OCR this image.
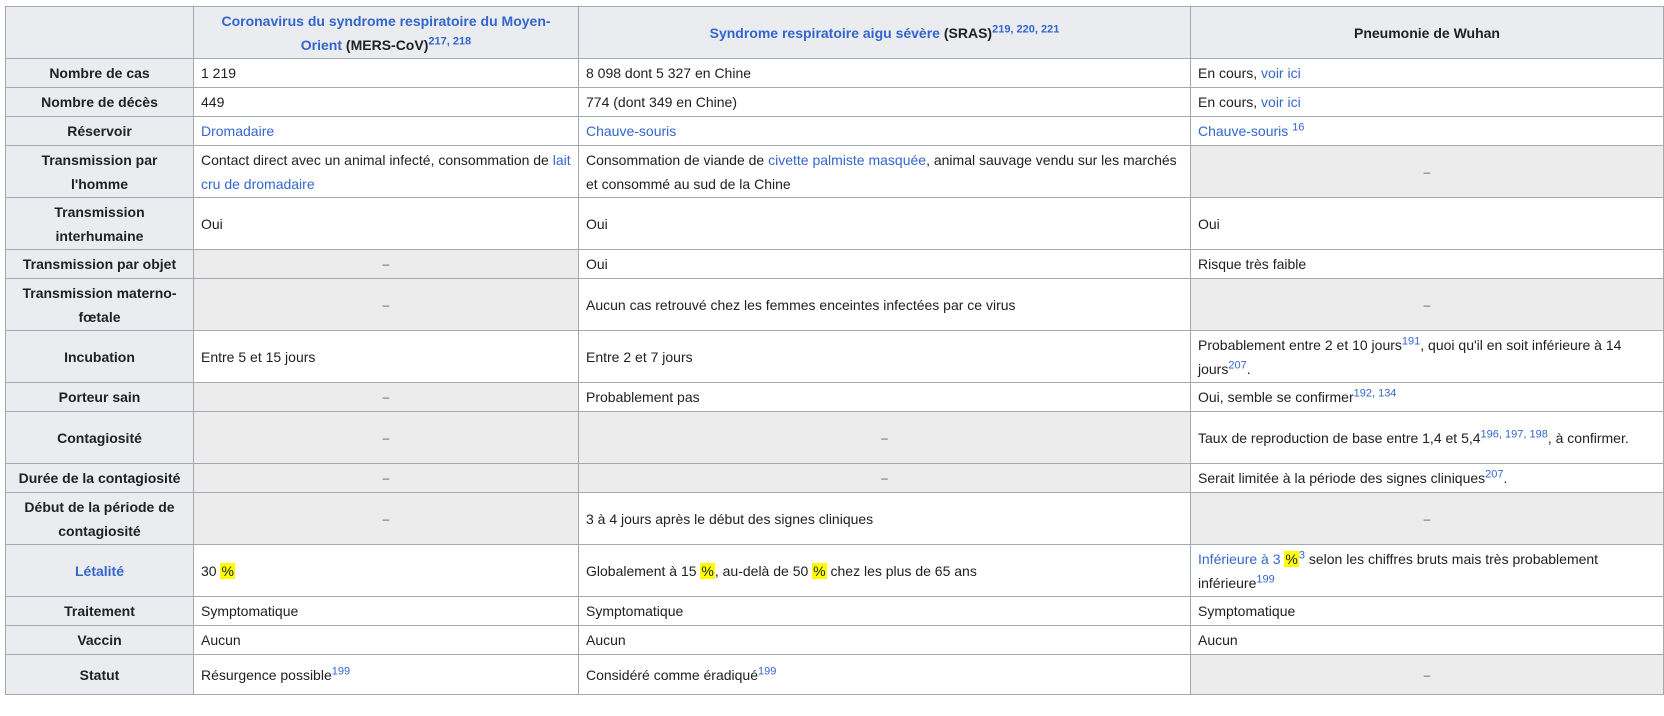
	Coronavirus du syndrome respiratoire du Moyen-Orient (MERS-CoV)$^{217, 218}$	Syndrome respiratoire aigu sévère (SRAS)$^{219, 220, 221}$	Pneumonie de Wuhan
Nombre de cas	1 219	8 098 dont 5 327 en Chine	En cours, voir ici
Nombre de décès	449	774 (dont 349 en Chine)	En cours, voir ici
Réservoir	Dromadaire	Chauve-souris	Chauve-souris $^{16}$
Transmission par l'homme	Contact direct avec un animal infecté, consommation de lait cru de dromadaire	Consommation de viande de civette palmiste masquée, animal sauvage vendu sur les marchés et consommé au sud de la Chine	–
Transmission interhumaine	Oui	Oui	Oui
Transmission par objet	–	Oui	Risque très faible
Transmission materno-fœtale	–	Aucun cas retrouvé chez les femmes enceintes infectées par ce virus	–
Incubation	Entre 5 et 15 jours	Entre 2 et 7 jours	Probablement entre 2 et 10 jours$^{191}$, quoi qu'il en soit inférieure à 14 jours$^{207}$.
Porteur sain	–	Probablement pas	Oui, semble se confirmer$^{192, 134}$
Contagiosité	–	–	Taux de reproduction de base entre 1,4 et 5,4$^{196, 197, 198}$, à confirmer.
Durée de la contagiosité	–	–	Serait limitée à la période des signes cliniques$^{207}$.
Début de la période de contagiosité	–	3 à 4 jours après le début des signes cliniques	–
Létalité	30 %	Globalement à 15 %, au-delà de 50 % chez les plus de 65 ans	Inférieure à 3 %$^3$ selon les chiffres bruts mais très probablement inférieure$^{199}$
Traitement	Symptomatique	Symptomatique	Symptomatique
Vaccin	Aucun	Aucun	Aucun
Statut	Résurgence possible$^{199}$	Considéré comme éradiqué$^{199}$	–
